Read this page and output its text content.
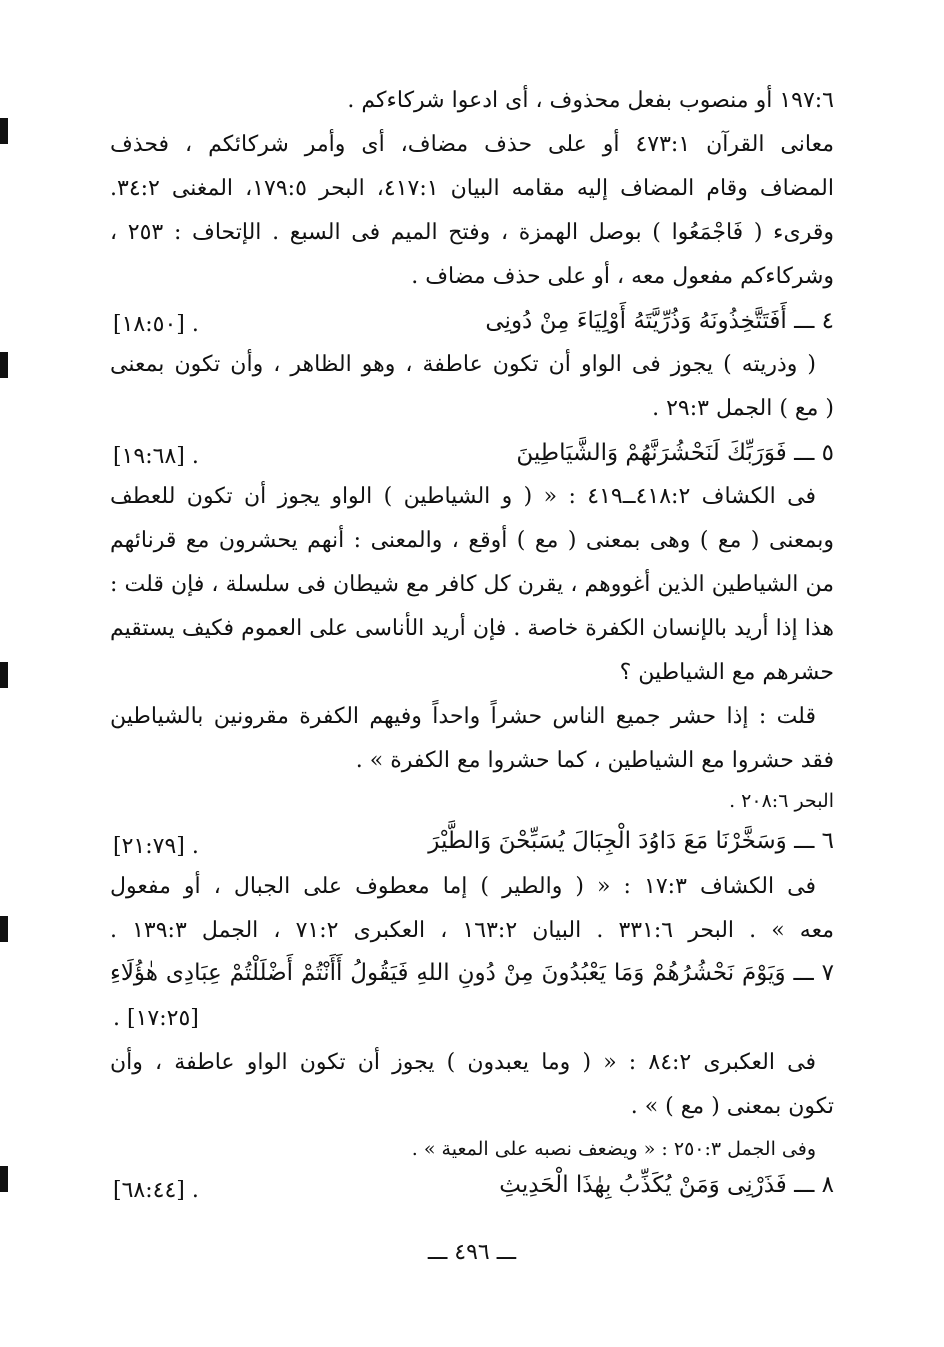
١٩٧:٦ أو منصوب بفعل محذوف ، أى ادعوا شركاءكم .
معانى القرآن ٤٧٣:١ أو على حذف مضاف، أى وأمر شركائكم ، فحذف
المضاف وقام المضاف إليه مقامه البيان ٤١٧:١، البحر ١٧٩:٥، المغنى ٣٤:٢.
وقرىء ( فَاجْمَعُوا ) بوصل الهمزة ، وفتح الميم فى السبع . الإتحاف : ٢٥٣ ،
وشركاءكم مفعول معه ، أو على حذف مضاف .
٤ ـــ أَفَتَتَّخِذُونَهُ وَذُرِّيَّتَهُ أَوْلِيَاءَ مِنْ دُونِى
[١٨:٥٠] .
( وذريته ) يجوز فى الواو أن تكون عاطفة ، وهو الظاهر ، وأن تكون بمعنى
( مع ) الجمل ٢٩:٣ .
٥ ـــ فَوَرَبِّكَ لَنَحْشُرَنَّهُمْ وَالشَّيَاطِينَ
[١٩:٦٨] .
فى الكشاف ٤١٨:٢ــ٤١٩ : « ( و الشياطين ) الواو يجوز أن تكون للعطف
وبمعنى ( مع ) وهى بمعنى ( مع ) أوقع ، والمعنى : أنهم يحشرون مع قرنائهم
من الشياطين الذين أغووهم ، يقرن كل كافر مع شيطان فى سلسلة ، فإن قلت :
هذا إذا أريد بالإنسان الكفرة خاصة . فإن أريد الأناسى على العموم فكيف يستقيم
حشرهم مع الشياطين ؟
قلت : إذا حشر جميع الناس حشراً واحداً وفيهم الكفرة مقرونين بالشياطين
فقد حشروا مع الشياطين ، كما حشروا مع الكفرة » .
البحر ٢٠٨:٦ .
٦ ـــ وَسَخَّرْنَا مَعَ دَاوُدَ الْجِبَالَ يُسَبِّحْنَ وَالطَّيْرَ
[٢١:٧٩] .
فى الكشاف ١٧:٣ : « ( والطير ) إما معطوف على الجبال ، أو مفعول
معه » . البحر ٣٣١:٦ . البيان ١٦٣:٢ ، العكبرى ٧١:٢ ، الجمل ١٣٩:٣ .
٧ ـــ وَيَوْمَ نَحْشُرُهُمْ وَمَا يَعْبُدُونَ مِنْ دُونِ اللهِ فَيَقُولُ أَأَنْتُمْ أَضْلَلْتُمْ عِبَادِى هٰؤُلَاءِ
. [١٧:٢٥]
فى العكبرى ٨٤:٢ : « ( وما يعبدون ) يجوز أن تكون الواو عاطفة ، وأن
تكون بمعنى ( مع ) » .
وفى الجمل ٢٥٠:٣ : « ويضعف نصبه على المعية » .
٨ ـــ فَذَرْنِى وَمَنْ يُكَذِّبُ بِهٰذَا الْحَدِيثِ
[٦٨:٤٤] .
ـــ ٤٩٦ ـــ
